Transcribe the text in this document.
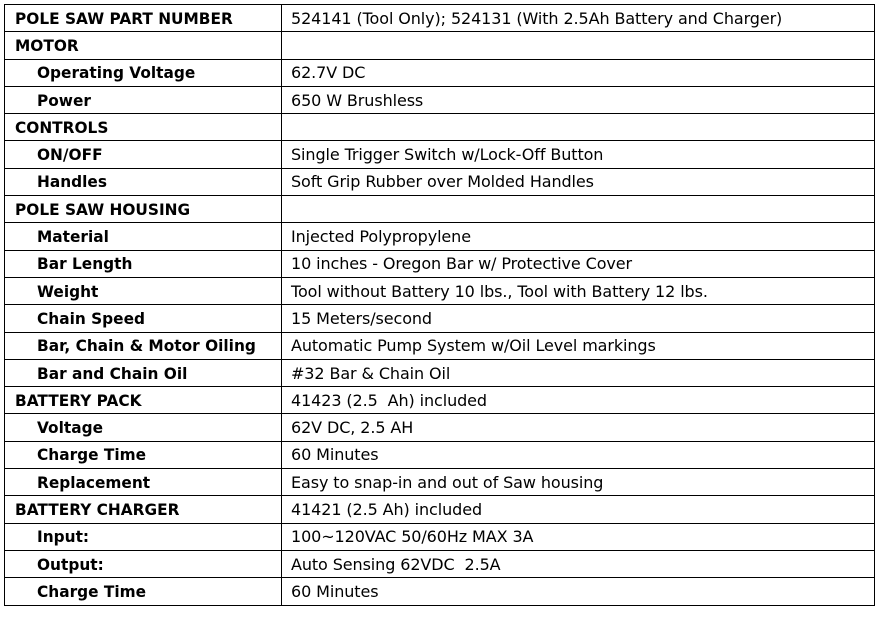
POLE SAW PART NUMBER	524141 (Tool Only); 524131 (With 2.5Ah Battery and Charger)
MOTOR	
Operating Voltage	62.7V DC
Power	650 W Brushless
CONTROLS	
ON/OFF	Single Trigger Switch w/Lock-Off Button
Handles	Soft Grip Rubber over Molded Handles
POLE SAW HOUSING	
Material	Injected Polypropylene
Bar Length	10 inches - Oregon Bar w/ Protective Cover
Weight	Tool without Battery 10 lbs., Tool with Battery 12 lbs.
Chain Speed	15 Meters/second
Bar, Chain & Motor Oiling	Automatic Pump System w/Oil Level markings
Bar and Chain Oil	#32 Bar & Chain Oil
BATTERY PACK	41423 (2.5  Ah) included
Voltage	62V DC, 2.5 AH
Charge Time	60 Minutes
Replacement	Easy to snap-in and out of Saw housing
BATTERY CHARGER	41421 (2.5 Ah) included
Input:	100~120VAC 50/60Hz MAX 3A
Output:	Auto Sensing 62VDC  2.5A
Charge Time	60 Minutes
